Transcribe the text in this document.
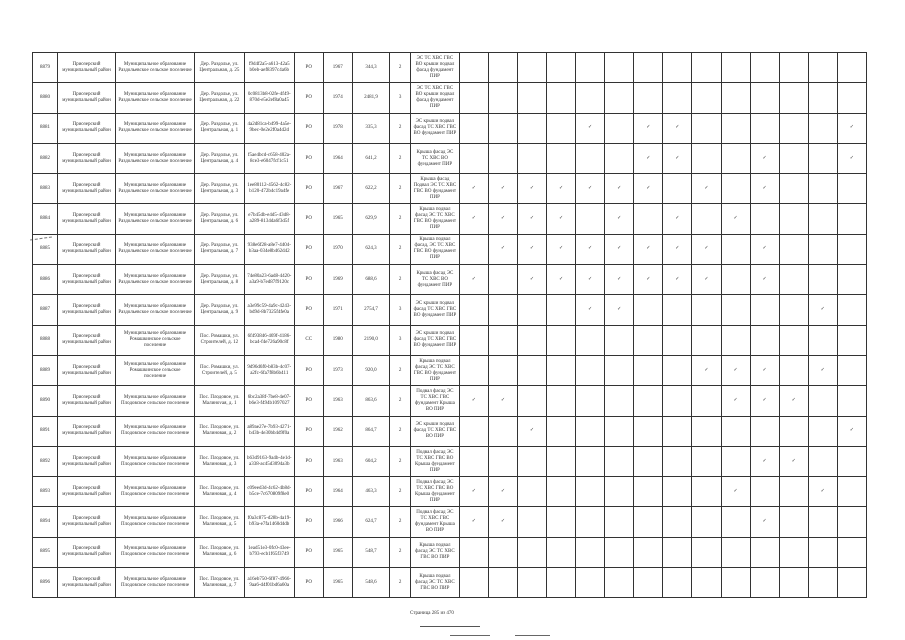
8879	Приозерский муниципальный район	Муниципальное образование Раздольевское сельское поселение	Дер. Раздолье, ул. Центральная, д. 25	f9d4f2a5-a613-42a5 b0eb-aef8397c4a6b	РО	1967	344,3	2	ЭС ТС ХВС ГВС ВО крыши подвал фасад фундамент ПИР														
8880	Приозерский муниципальный район	Муниципальное образование Раздольевское сельское поселение	Дер. Раздолье, ул. Центральная, д. 22	0c0813b8-02fe-4f49-870d-e5e2ef8a0a45	РО	1974	2481,9	3	ЭС ТС ХВС ГВС ВО крыши подвал фасад фундамент ПИР														
8881	Приозерский муниципальный район	Муниципальное образование Раздольевское сельское поселение	Дер. Раздолье, ул. Центральная, д. 1	4a2d81ca-b499-4a5e-9bec-0e2e2f0a4d2d	РО	1978	335,3	2	ЭС крыши подвал фасад ТС ХВС ГВС ВО фундамент ПИР					✓		✓	✓						✓
8882	Приозерский муниципальный район	Муниципальное образование Раздольевское сельское поселение	Дер. Раздолье, ул. Центральная, д. 4	f5ae4bcd-c658-402a-8ce3-e6047fcf1c51	РО	1964	641,2	2	Крыша фасад ЭС ТС ХВС ВО фундамент ПИР							✓	✓			✓			✓
8883	Приозерский муниципальный район	Муниципальное образование Раздольевское сельское поселение	Дер. Раздолье, ул. Центральная, д. 3	1ee80112-4562-4c82-b120-472b4c19a4fe	РО	1967	622,2	2	Крыша фасад Подвал ЭС ТС ХВС ГВС ВО фундамент ПИР	✓	✓	✓	✓	✓	✓	✓		✓		✓			
8884	Приозерский муниципальный район	Муниципальное образование Раздольевское сельское поселение	Дер. Раздолье, ул. Центральная, д. 6	e7b45db-e4d5-43d8-a289-8134da6f3d5f	РО	1965	629,9	2	Крыша подвал фасад ЭС ТС ХВС ГВС ВО фундамент ПИР	✓	✓	✓	✓		✓		✓		✓				
8885	Приозерский муниципальный район	Муниципальное образование Раздольевское сельское поселение	Дер. Раздолье, ул. Центральная, д. 7	938e6f28-a8e7-4404-b3aa-034e8b462d42	РО	1970	624,3	2	Крыша подвал фасад, ЭС ТС ХВС ГВС ВО фундамент ПИР		✓	✓	✓	✓	✓	✓	✓	✓		✓			
8886	Приозерский муниципальный район	Муниципальное образование Раздольевское сельское поселение	Дер. Раздолье, ул. Центральная, д. 8	74e80a23-6ad8-4420-a3a9-b7ed87f9120c	РО	1969	688,6	2	Крыша фасад ЭС ТС ХВС ВО фундамент ПИР	✓		✓	✓	✓	✓	✓	✓	✓		✓			
8887	Приозерский муниципальный район	Муниципальное образование Раздольевское сельское поселение	Дер. Раздолье, ул. Центральная, д. 9	a3e99c59-4a9c-4243-bd9d-8b7325f4fe0a	РО	1971	2754,7	3	ЭС крыши подвал фасад ТС ХВС ГВС ВО фундамент ПИР					✓	✓							✓	
8888	Приозерский муниципальный район	Муниципальное образование Ромашкинское сельское поселение	Пос. Ромашки, ул. Строителей, д. 12	6f493846-469f-4186-bca4-f4e726a90c8f	СС	1980	2190,0	3	ЭС крыши подвал фасад ТС ХВС ГВС ВО фундамент ПИР														
8889	Приозерский муниципальный район	Муниципальное образование Ромашкинское сельское поселение	Пос. Ромашки, ул. Строителей, д. 5	9d96d6f0-b83b-4c07-a2fc-6fa7f8b6b411	РО	1973	920,0	2	Крыша подвал фасад ЭС ТС ХВС ГВС ВО фундамент ПИР									✓	✓	✓		✓	
8890	Приозерский муниципальный район	Муниципальное образование Плодовское сельское поселение	Пос. Плодовое, ул. Малинovaя, д. 1	6bc2a38f-7be8-4e07-b6e3-f494b1097027	РО	1963	863,6	2	Подвал фасад ЭС ТС ХВС ГВС фундамент Крыша ВО ПИР	✓	✓								✓	✓	✓		
8891	Приозерский муниципальный район	Муниципальное образование Плодовское сельское поселение	Пос. Плодовое, ул. Малиновая, д. 2	a89ae27e-7b93-4271-b43b-4e30bb4d9f0a	РО	1962	864,7	2	ЭС крыши подвал фасад ТС ХВС ГВС ВО ПИР			✓											✓
8892	Приозерский муниципальный район	Муниципальное образование Плодовское сельское поселение	Пос. Плодовое, ул. Малиновая, д. 3	b63d9163-9a4b-4e1d-a338-ac45d3094a3b	РО	1963	604,2	2	Подвал фасад ЭС ТС ХВС ГВС ВО Крыша фундамент ПИР											✓	✓		
8893	Приозерский муниципальный район	Муниципальное образование Плодовское сельское поселение	Пос. Плодовое, ул. Малиновая, д. 4	c09eed3d-4c62-4b8d-b5ce-7c670809f8e0	РО	1964	463,3	2	Подвал фасад ЭС ТС ХВС ГВС ВО Крыша фундамент ПИР	✓	✓								✓			✓	
8894	Приозерский муниципальный район	Муниципальное образование Плодовское сельское поселение	Пос. Плодовое, ул. Малиновая, д. 5	f0a3c875-d28b-4a19-b93a-e7fa1460d4db	РО	1966	624,7	2	Подвал фасад ЭС ТС ХВС ГВС фундамент Крыша ВО ПИР	✓	✓									✓			
8895	Приозерский муниципальный район	Муниципальное образование Плодовское сельское поселение	Пос. Плодовое, ул. Малиновая, д. 6	1ead51e3-0fc0-43ee-b793-ecb1f65f3749	РО	1965	548,7	2	Крыша подвал фасад ЭС ТС ХВС ГВС ВО ПИР														
8896	Приозерский муниципальный район	Муниципальное образование Плодовское сельское поселение	Пос. Плодовое, ул. Малиновая, д. 7	a16eb750-6f87-4966-9aa6-d4f01bd6a60a	РО	1965	548,6	2	Крыша подвал фасад ЭС ТС ХВС ГВС ВО ПИР														
Страница 285 из 470
